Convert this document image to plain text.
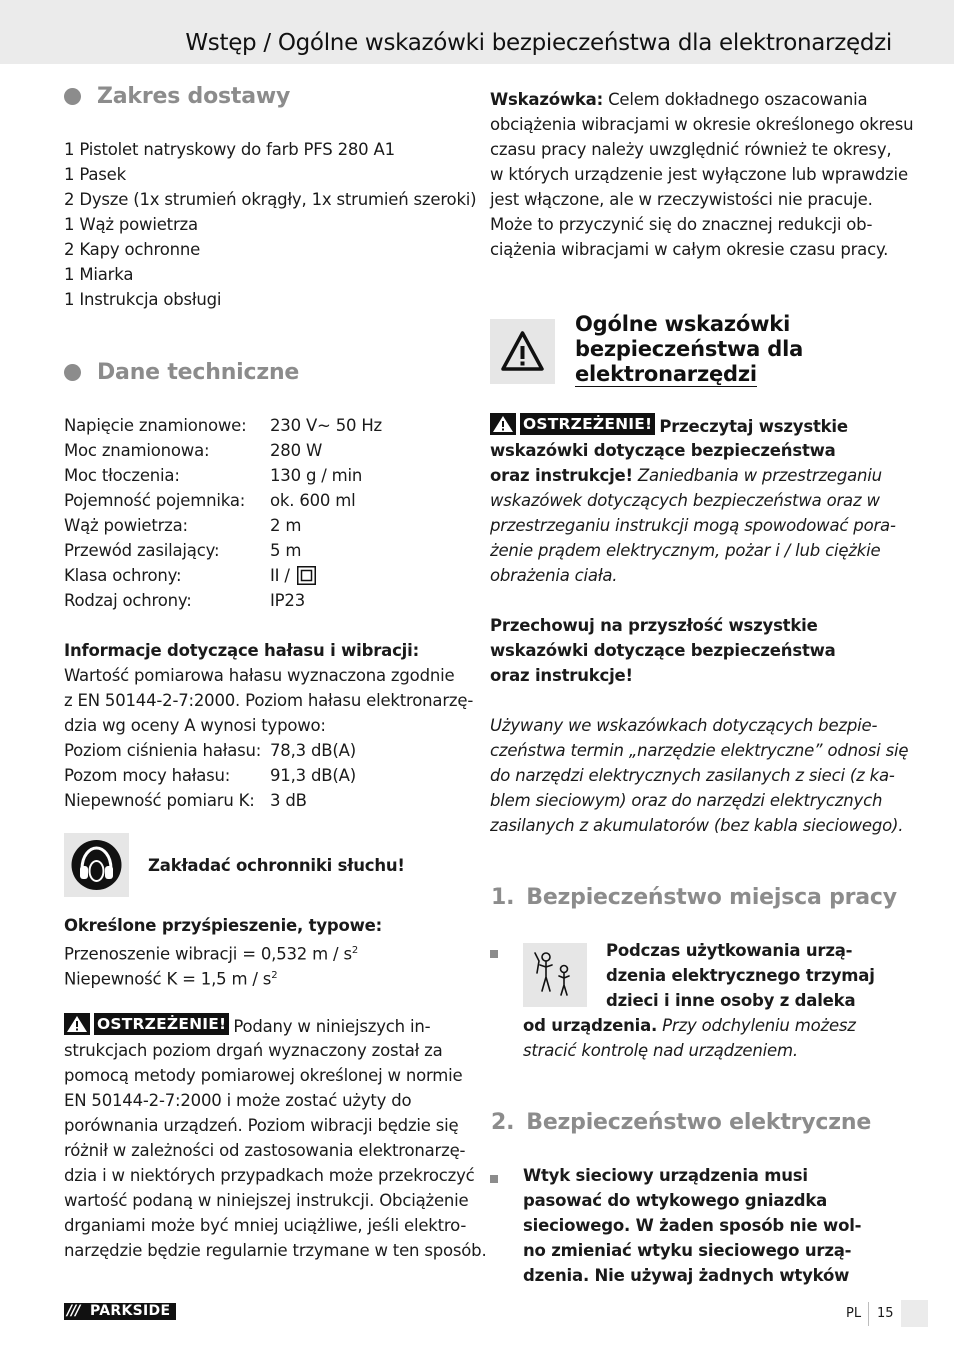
Wstęp / Ogólne wskazówki bezpieczeństwa dla elektronarzędzi
Zakres dostawy
1 Pistolet natryskowy do farb PFS 280 A1
1 Pasek
2 Dysze (1x strumień okrągły, 1x strumień szeroki)
1 Wąż powietrza
2 Kapy ochronne
1 Miarka
1 Instrukcja obsługi
Dane techniczne
Napięcie znamionowe: 230 V~ 50 Hz
Moc znamionowa:	280 W
Moc tłoczenia:	130 g / min
Pojemność pojemnika: ok. 600 ml
Wąż powietrza:	2 m
Przewód zasilający:	5 m
Klasa ochrony:	II /
Rodzaj ochrony:	IP23
Informacje dotyczące hałasu i wibracji:
Wartość pomiarowa hałasu wyznaczona zgodnie
z EN 50144-2-7:2000. Poziom hałasu elektronarzę-
dzia wg oceny A wynosi typowo:
Poziom ciśnienia hałasu: 78,3 dB(A)
Pozom mocy hałasu: 91,3 dB(A)
Niepewność pomiaru K: 3 dB
Zakładać ochronniki słuchu!
Określone przyśpieszenie, typowe:
Przenoszenie wibracji = 0,532 m / $s^2$
Niepewność K = 1,5 m / $s^2$
OSTRZEŻENIE! Podany w niniejszych in-
strukcjach poziom drgań wyznaczony został za
pomocą metody pomiarowej określonej w normie
EN 50144-2-7:2000 i może zostać użyty do
porównania urządzeń. Poziom wibracji będzie się
różnił w zależności od zastosowania elektronarzę-
dzia i w niektórych przypadkach może przekroczyć
wartość podaną w niniejszej instrukcji. Obciążenie
drganiami może być mniej uciążliwe, jeśli elektro-
narzędzie będzie regularnie trzymane w ten sposób.
Wskazówka: Celem dokładnego oszacowania
obciążenia wibracjami w okresie określonego okresu
czasu pracy należy uwzględnić również te okresy,
w których urządzenie jest wyłączone lub wprawdzie
jest włączone, ale w rzeczywistości nie pracuje.
Może to przyczynić się do znacznej redukcji ob-
ciążenia wibracjami w całym okresie czasu pracy.
Ogólne wskazówki
bezpieczeństwa dla
elektronarzędzi
OSTRZEŻENIE! Przeczytaj wszystkie
wskazówki dotyczące bezpieczeństwa
oraz instrukcje! Zaniedbania w przestrzeganiu
wskazówek dotyczących bezpieczeństwa oraz w
przestrzeganiu instrukcji mogą spowodować pora-
żenie prądem elektrycznym, pożar i / lub ciężkie
obrażenia ciała.
Przechowuj na przyszłość wszystkie
wskazówki dotyczące bezpieczeństwa
oraz instrukcje!
Używany we wskazówkach dotyczących bezpie-
czeństwa termin „narzędzie elektryczne” odnosi się
do narzędzi elektrycznych zasilanych z sieci (z ka-
blem sieciowym) oraz do narzędzi elektrycznych
zasilanych z akumulatorów (bez kabla sieciowego).
1. Bezpieczeństwo miejsca pracy
Podczas użytkowania urzą-
dzenia elektrycznego trzymaj
dzieci i inne osoby z daleka
od urządzenia. Przy odchyleniu możesz
stracić kontrolę nad urządzeniem.
2. Bezpieczeństwo elektryczne
Wtyk sieciowy urządzenia musi
pasować do wtykowego gniazdka
sieciowego. W żaden sposób nie wol-
no zmieniać wtyku sieciowego urzą-
dzenia. Nie używaj żadnych wtyków
/// PARKSIDE	PL 15
